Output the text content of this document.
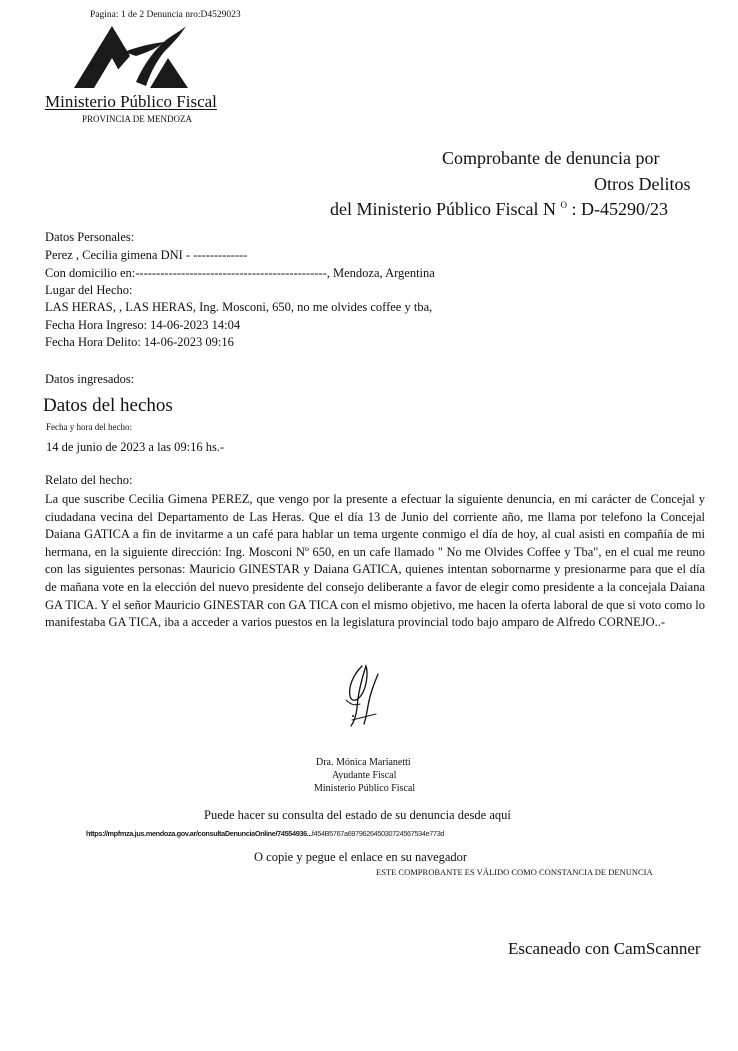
Pagina: 1 de 2 Denuncia nro:D4529023
Ministerio Público Fiscal
PROVINCIA DE MENDOZA
Comprobante de denuncia por
Otros Delitos
del Ministerio Público Fiscal N $^O$ : D-45290/23
Datos Personales:
Perez , Cecilia gimena DNI - -------------
Con domicilio en:----------------------------------------------, Mendoza, Argentina
Lugar del Hecho:
LAS HERAS, , LAS HERAS, Ing. Mosconi, 650, no me olvides coffee y tba,
Fecha Hora Ingreso: 14-06-2023 14:04
Fecha Hora Delito: 14-06-2023 09:16
Datos ingresados:
Datos del hechos
Fecha y hora del hecho:
14 de junio de 2023 a las 09:16 hs.-
Relato del hecho:
La que suscribe Cecilia Gimena PEREZ, que vengo por la presente a efectuar la siguiente denuncia, en mi carácter de Concejal y ciudadana vecina del Departamento de Las Heras. Que el día 13 de Junio del corriente año, me llama por telefono la Concejal Daiana GATICA a fin de invitarme a un café para hablar un tema urgente conmigo el día de hoy, al cual asisti en compañía de mi hermana, en la siguiente dirección: Ing. Mosconi Nº 650, en un cafe llamado " No me Olvides Coffee y Tba", en el cual me reuno con las siguientes personas: Mauricio GINESTAR y Daiana GATICA, quienes intentan sobornarme y presionarme para que el día de mañana vote en la elección del nuevo presidente del consejo deliberante a favor de elegir como presidente a la concejala Daiana GA TICA. Y el señor Mauricio GINESTAR con GA TICA con el mismo objetivo, me hacen la oferta laboral de que si voto como lo manifestaba GA TICA, iba a acceder a varios puestos en la legislatura provincial todo bajo amparo de Alfredo CORNEJO..-
Dra. Mónica Marianetti
Ayudante Fiscal
Ministerio Público Fiscal
Puede hacer su consulta del estado de su denuncia desde aquí
https://mpfmza.jus.mendoza.gov.ar/consultaDenunciaOnline/74554936...f454B5767a697962645030724567534e773d
O copie y pegue el enlace en su navegador
ESTE COMPROBANTE ES VÁLIDO COMO CONSTANCIA DE DENUNCIA
Escaneado con CamScanner
